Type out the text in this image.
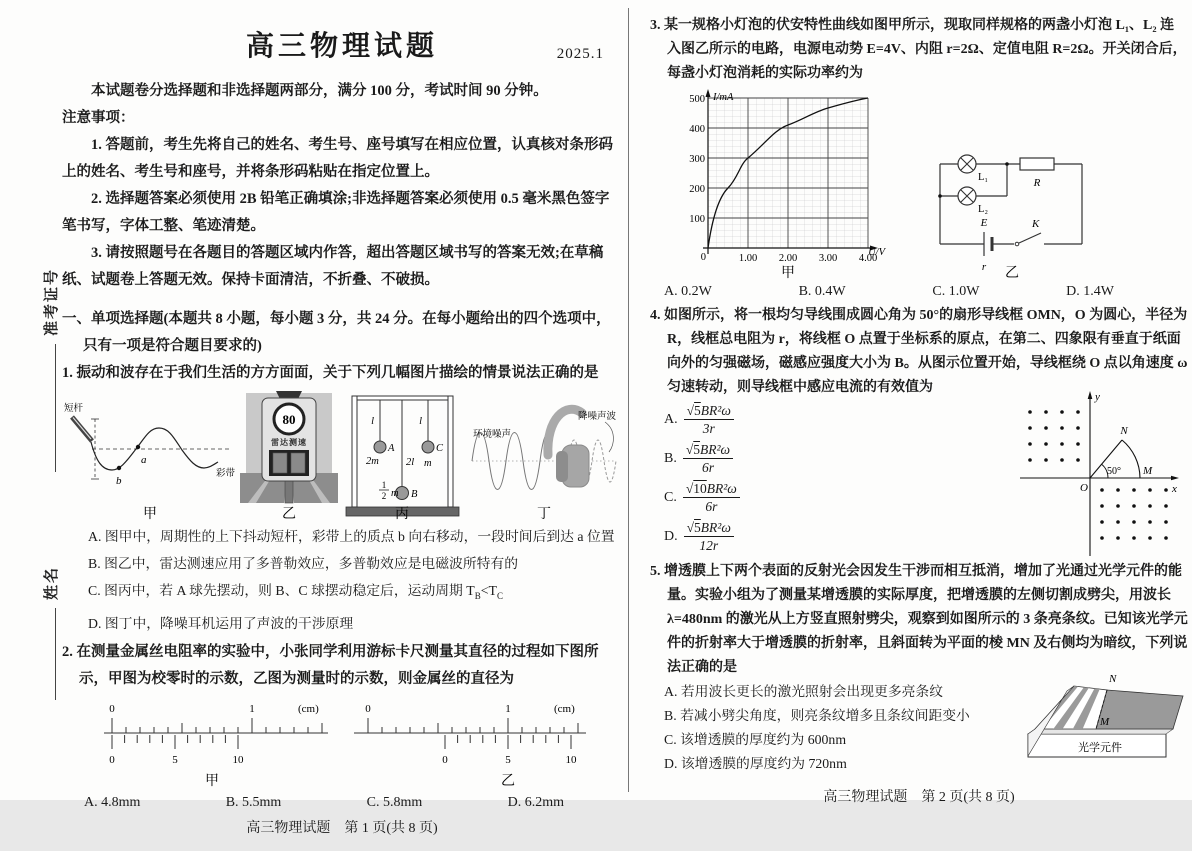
准考证号
姓名
高三物理试题	2025.1

本试题卷分选择题和非选择题两部分，满分 100 分，考试时间 90 分钟。

注意事项：

1. 答题前，考生先将自己的姓名、考生号、座号填写在相应位置，认真核对条形码上的姓名、考生号和座号，并将条形码粘贴在指定位置上。

2. 选择题答案必须使用 2B 铅笔正确填涂;非选择题答案必须使用 0.5 毫米黑色签字笔书写，字体工整、笔迹清楚。

3. 请按照题号在各题目的答题区域内作答，超出答题区域书写的答案无效;在草稿纸、试题卷上答题无效。保持卡面清洁，不折叠、不破损。

一、单项选择题(本题共 8 小题，每小题 3 分，共 24 分。在每小题给出的四个选项中，只有一项是符合题目要求的)

1. 振动和波存在于我们生活的方方面面，关于下列几幅图片描绘的情景说法正确的是

短杆
b
a
彩带
甲
80
雷达测速
乙
l
A
2m
l
C
m
2l
B
1
2 m
丙
环境噪声
降噪声波
丁

A. 图甲中，周期性的上下抖动短杆，彩带上的质点 b 向右移动，一段时间后到达 a 位置

B. 图乙中，雷达测速应用了多普勒效应，多普勒效应是电磁波所特有的

C. 图丙中，若 A 球先摆动，则 B、C 球摆动稳定后，运动周期 $T_B<T_C$

D. 图丁中，降噪耳机运用了声波的干涉原理

2. 在测量金属丝电阻率的实验中，小张同学利用游标卡尺测量其直径的过程如下图所示，甲图为校零时的示数，乙图为测量时的示数，则金属丝的直径为

0	1	(cm)
0	5	10
甲
0	1	(cm)
0	5	10
乙
A. 4.8mm	B. 5.5mm	C. 5.8mm	D. 6.2mm

高三物理试题　第 1 页(共 8 页)

3. 某一规格小灯泡的伏安特性曲线如图甲所示，现取同样规格的两盏小灯泡 L₁、L₂ 连入图乙所示的电路，电源电动势 E=4V、内阻 r=2Ω、定值电阻 R=2Ω。开关闭合后，每盏小灯泡消耗的实际功率约为

I/mA
500
400
300
200
100
0	1.00 2.00 3.00 4.00
U/V
甲
L₁
L₂
R
E
r
K
乙
A. 0.2W	B. 0.4W	C. 1.0W	D. 1.4W

4. 如图所示，将一根均匀导线围成圆心角为 50°的扇形导线框 OMN，O 为圆心，半径为 R，线框总电阻为 r，将线框 O 点置于坐标系的原点，在第二、四象限有垂直于纸面向外的匀强磁场，磁感应强度大小为 B。从图示位置开始，导线框绕 O 点以角速度 ω 匀速转动，则导线框中感应电流的有效值为

A. $\frac{\text{√5BR²ω}}{3r}$
B. $\frac{\text{√5BR²ω}}{6r}$
C. $\frac{\text{√10BR²ω}}{6r}$
D. $\frac{\text{√5BR²ω}}{12r}$
50°
N
M
O	x
y

5. 增透膜上下两个表面的反射光会因发生干涉而相互抵消，增加了光通过光学元件的能量。实验小组为了测量某增透膜的实际厚度，把增透膜的左侧切割成劈尖，用波长 λ=480nm 的激光从上方竖直照射劈尖，观察到如图所示的 3 条亮条纹。已知该光学元件的折射率大于增透膜的折射率，且斜面转为平面的棱 MN 及右侧均为暗纹，下列说法正确的是

A. 若用波长更长的激光照射会出现更多亮条纹

B. 若减小劈尖角度，则亮条纹增多且条纹间距变小

C. 该增透膜的厚度约为 600nm

D. 该增透膜的厚度约为 720nm

N
M
光学元件

高三物理试题　第 2 页(共 8 页)
